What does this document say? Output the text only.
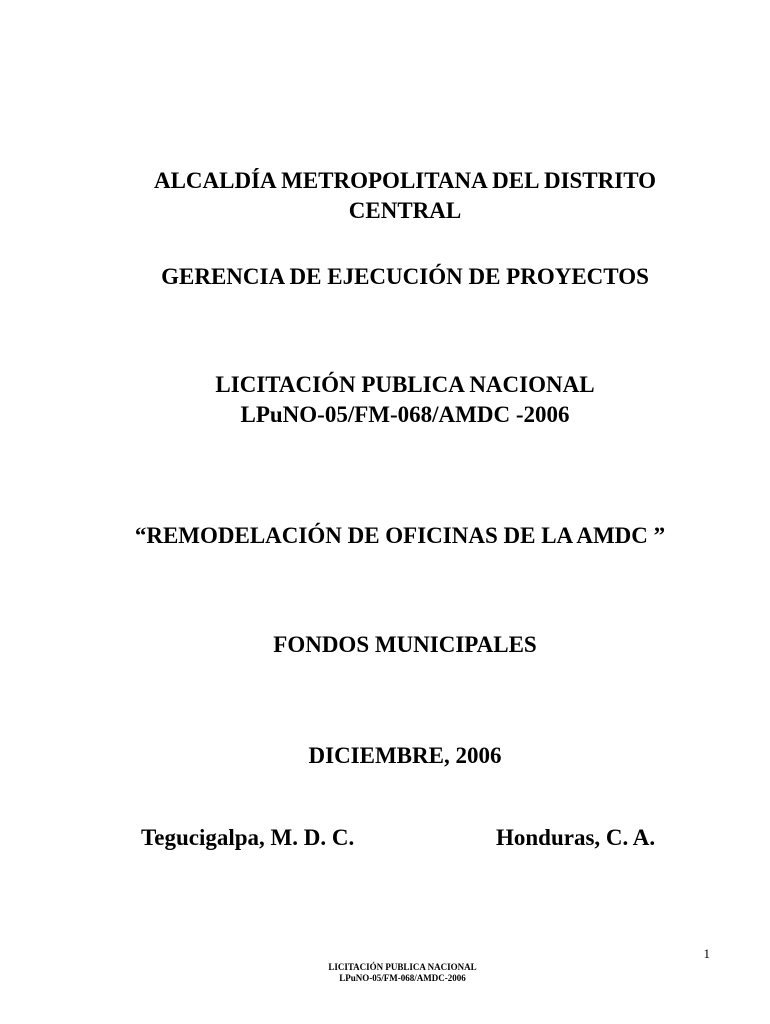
ALCALDÍA METROPOLITANA DEL DISTRITO
CENTRAL
GERENCIA DE EJECUCIÓN DE PROYECTOS
LICITACIÓN PUBLICA NACIONAL
LPuNO-05/FM-068/AMDC -2006
“REMODELACIÓN DE OFICINAS DE LA AMDC ”
FONDOS MUNICIPALES
DICIEMBRE, 2006
Tegucigalpa, M. D. C.	Honduras, C. A.
1
LICITACIÓN PUBLICA NACIONAL
LPuNO-05/FM-068/AMDC-2006
